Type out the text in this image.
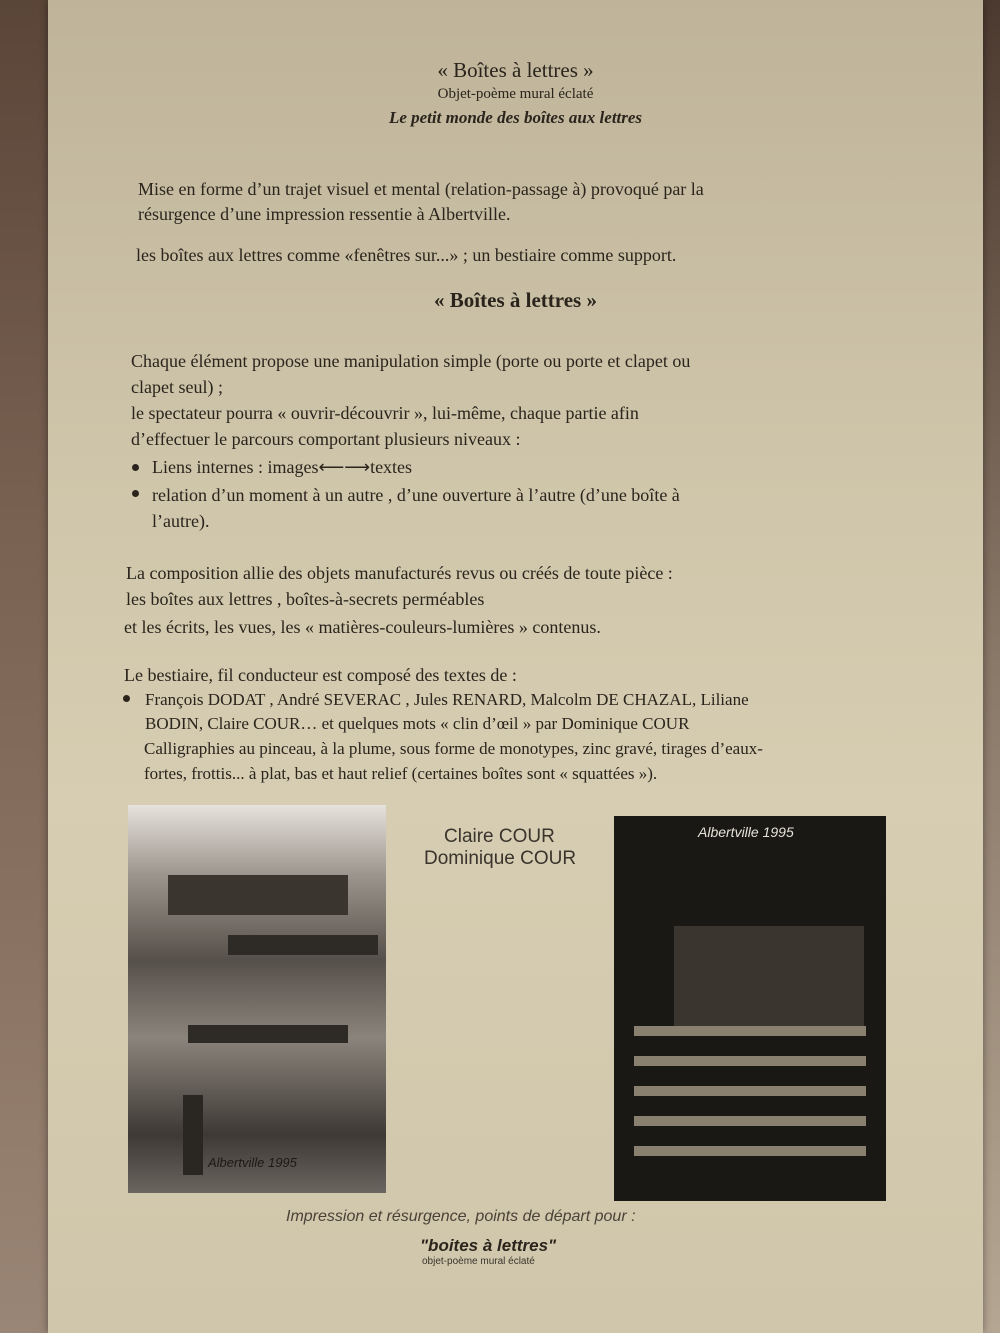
« Boîtes à lettres »
Objet-poème mural éclaté
Le petit monde des boîtes aux lettres
Mise en forme d’un trajet visuel et mental (relation-passage à) provoqué par la
résurgence d’une impression ressentie à Albertville.
les boîtes aux lettres comme «fenêtres sur...» ; un bestiaire comme support.
« Boîtes à lettres »
Chaque élément propose une manipulation simple (porte ou porte et clapet ou
clapet seul) ;
le spectateur pourra « ouvrir-découvrir », lui-même, chaque partie afin
d’effectuer le parcours comportant plusieurs niveaux :
Liens internes : images⟵⟶textes
relation d’un moment à un autre , d’une ouverture à l’autre (d’une boîte à
l’autre).
La composition allie des objets manufacturés revus ou créés de toute pièce :
les boîtes aux lettres , boîtes-à-secrets perméables
et les écrits, les vues, les « matières-couleurs-lumières » contenus.
Le bestiaire, fil conducteur est composé des textes de :
François DODAT , André SEVERAC , Jules RENARD, Malcolm DE CHAZAL, Liliane
BODIN, Claire COUR… et quelques mots « clin d’œil » par Dominique COUR
Calligraphies au pinceau, à la plume, sous forme de monotypes, zinc gravé, tirages d’eaux-
fortes, frottis... à plat, bas et haut relief (certaines boîtes sont « squattées »).
Albertville 1995
Claire COUR
Dominique COUR
Albertville 1995
Impression et résurgence, points de départ pour :
"boites à lettres"
objet-poème mural éclaté
